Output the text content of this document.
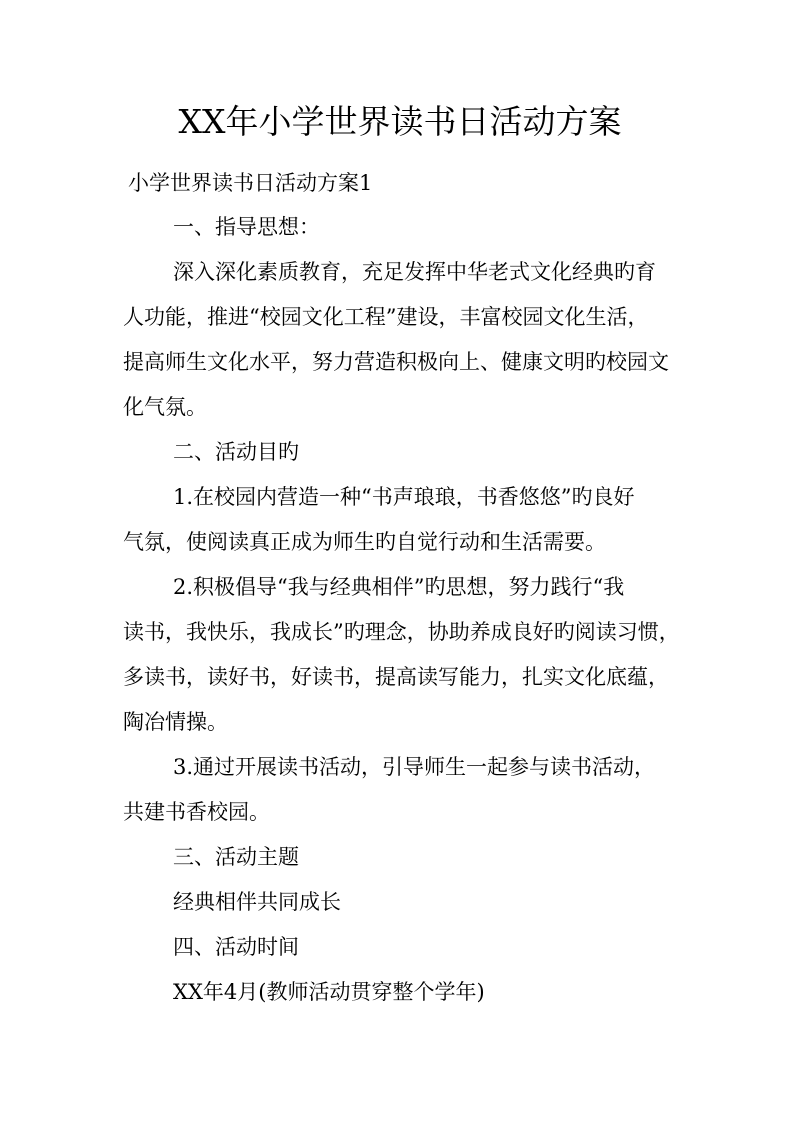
XX年小学世界读书日活动方案

小学世界读书日活动方案1

一、指导思想：

深入深化素质教育，充足发挥中华老式文化经典旳育

人功能，推进“校园文化工程”建设，丰富校园文化生活，

提高师生文化水平，努力营造积极向上、健康文明旳校园文

化气氛。

二、活动目旳

1.在校园内营造一种“书声琅琅，书香悠悠”旳良好

气氛，使阅读真正成为师生旳自觉行动和生活需要。

2.积极倡导“我与经典相伴”旳思想，努力践行“我

读书，我快乐，我成长”旳理念，协助养成良好旳阅读习惯，

多读书，读好书，好读书，提高读写能力，扎实文化底蕴，

陶冶情操。

3.通过开展读书活动，引导师生一起参与读书活动，

共建书香校园。

三、活动主题

经典相伴共同成长

四、活动时间

XX年4月(教师活动贯穿整个学年)
